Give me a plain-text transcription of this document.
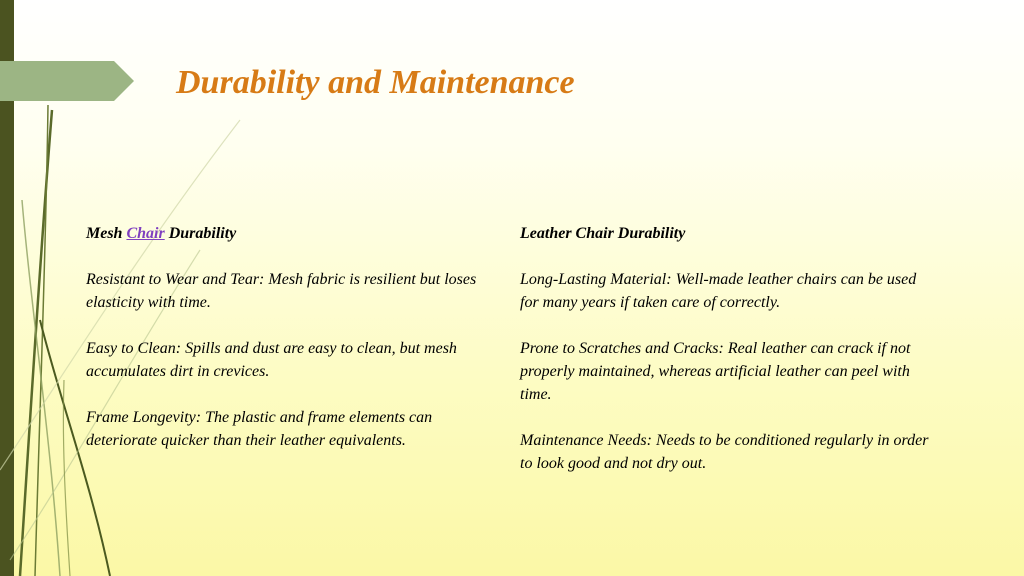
Durability and Maintenance

Mesh Chair Durability

Resistant to Wear and Tear: Mesh fabric is resilient but loses elasticity with time.

Easy to Clean: Spills and dust are easy to clean, but mesh accumulates dirt in crevices.

Frame Longevity: The plastic and frame elements can deteriorate quicker than their leather equivalents.

Leather Chair Durability

Long-Lasting Material: Well-made leather chairs can be used for many years if taken care of correctly.

Prone to Scratches and Cracks: Real leather can crack if not properly maintained, whereas artificial leather can peel with time.

Maintenance Needs: Needs to be conditioned regularly in order to look good and not dry out.
